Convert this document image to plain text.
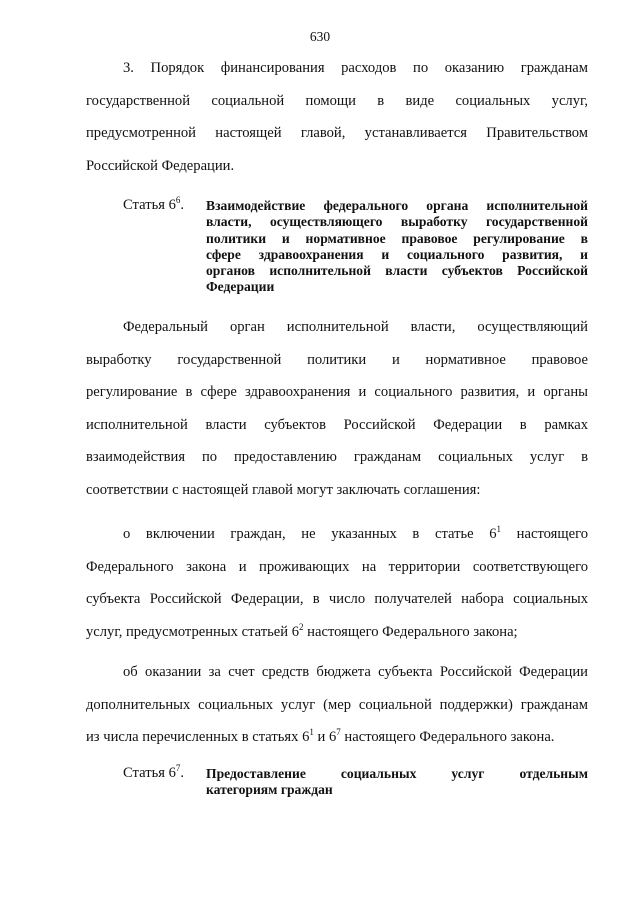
630
3. Порядок финансирования расходов по оказанию гражданам
государственной социальной помощи в виде социальных услуг,
предусмотренной настоящей главой, устанавливается Правительством
Российской Федерации.
Статья $6^6$. Взаимодействие федерального органа исполнительной
власти, осуществляющего выработку государственной
политики и нормативное правовое регулирование в
сфере здравоохранения и социального развития, и
органов исполнительной власти субъектов Российской
Федерации
Федеральный орган исполнительной власти, осуществляющий
выработку государственной политики и нормативное правовое
регулирование в сфере здравоохранения и социального развития, и органы
исполнительной власти субъектов Российской Федерации в рамках
взаимодействия по предоставлению гражданам социальных услуг в
соответствии с настоящей главой могут заключать соглашения:
о включении граждан, не указанных в статье $6^1$ настоящего
Федерального закона и проживающих на территории соответствующего
субъекта Российской Федерации, в число получателей набора социальных
услуг, предусмотренных статьей $6^2$ настоящего Федерального закона;
об оказании за счет средств бюджета субъекта Российской Федерации
дополнительных социальных услуг (мер социальной поддержки) гражданам
из числа перечисленных в статьях $6^1$ и $6^7$ настоящего Федерального закона.
Статья $6^7$. Предоставление социальных услуг отдельным
категориям граждан
